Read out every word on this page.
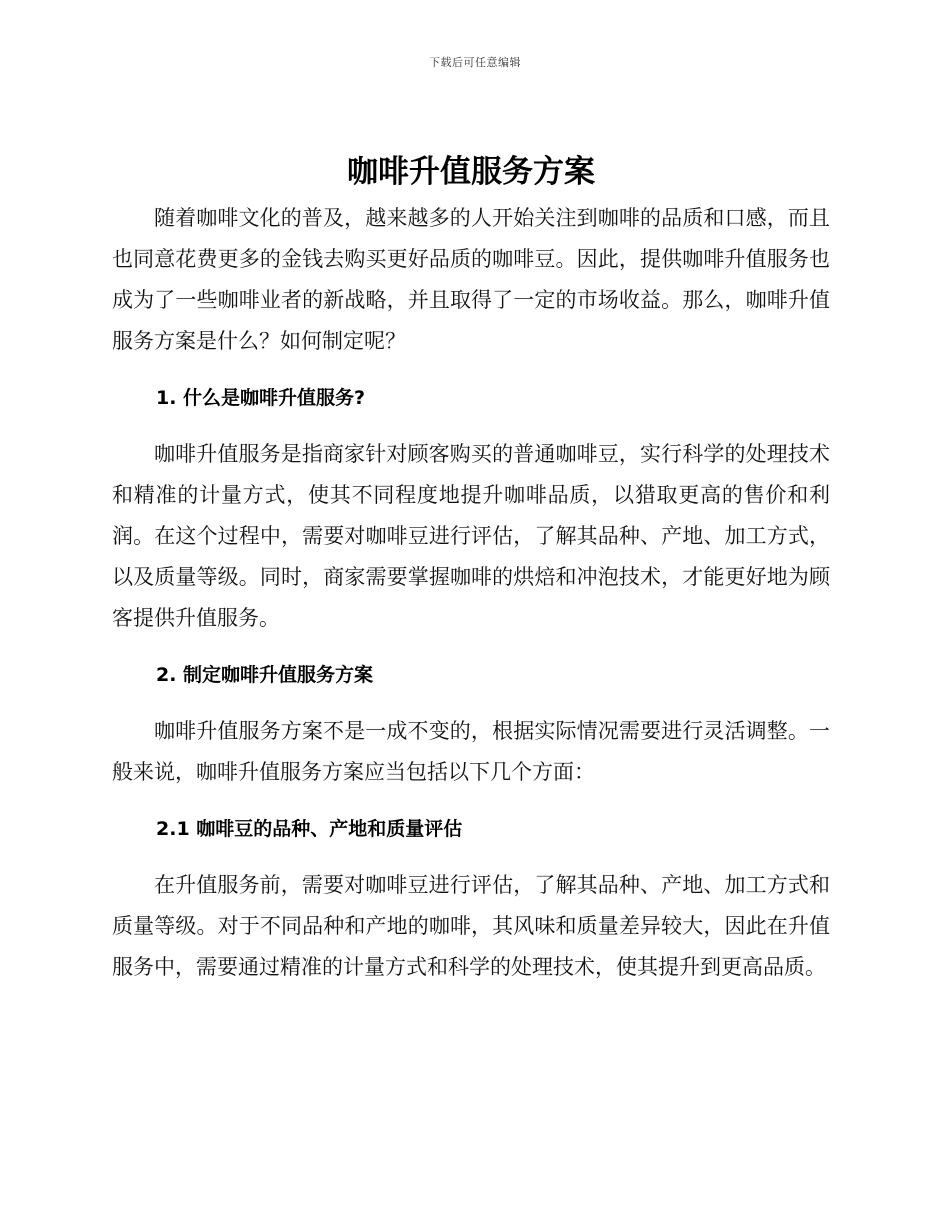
下载后可任意编辑
咖啡升值服务方案

随着咖啡文化的普及，越来越多的人开始关注到咖啡的品质和口感，而且也同意花费更多的金钱去购买更好品质的咖啡豆。因此，提供咖啡升值服务也成为了一些咖啡业者的新战略，并且取得了一定的市场收益。那么，咖啡升值服务方案是什么？如何制定呢？

1. 什么是咖啡升值服务?

咖啡升值服务是指商家针对顾客购买的普通咖啡豆，实行科学的处理技术和精准的计量方式，使其不同程度地提升咖啡品质，以猎取更高的售价和利润。在这个过程中，需要对咖啡豆进行评估，了解其品种、产地、加工方式，以及质量等级。同时，商家需要掌握咖啡的烘焙和冲泡技术，才能更好地为顾客提供升值服务。

2. 制定咖啡升值服务方案

咖啡升值服务方案不是一成不变的，根据实际情况需要进行灵活调整。一般来说，咖啡升值服务方案应当包括以下几个方面：

2.1 咖啡豆的品种、产地和质量评估

在升值服务前，需要对咖啡豆进行评估，了解其品种、产地、加工方式和质量等级。对于不同品种和产地的咖啡，其风味和质量差异较大，因此在升值服务中，需要通过精准的计量方式和科学的处理技术，使其提升到更高品质。
